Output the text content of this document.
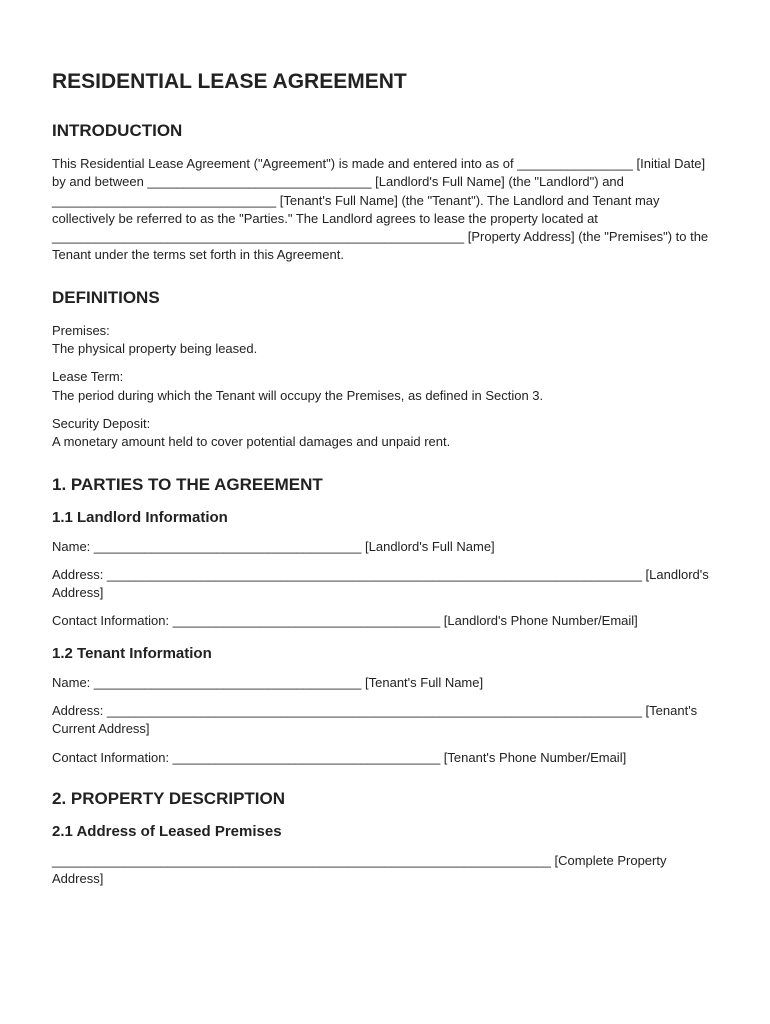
RESIDENTIAL LEASE AGREEMENT
INTRODUCTION

This Residential Lease Agreement ("Agreement") is made and entered into as of ________________ [Initial Date] by and between _______________________________ [Landlord's Full Name] (the "Landlord") and _______________________________ [Tenant's Full Name] (the "Tenant"). The Landlord and Tenant may collectively be referred to as the "Parties." The Landlord agrees to lease the property located at _________________________________________________________ [Property Address] (the "Premises") to the Tenant under the terms set forth in this Agreement.

DEFINITIONS

Premises:

The physical property being leased.

Lease Term:

The period during which the Tenant will occupy the Premises, as defined in Section 3.

Security Deposit:

A monetary amount held to cover potential damages and unpaid rent.

1. PARTIES TO THE AGREEMENT
1.1 Landlord Information

Name: _____________________________________ [Landlord's Full Name]

Address: __________________________________________________________________________ [Landlord's Address]

Contact Information: _____________________________________ [Landlord's Phone Number/Email]

1.2 Tenant Information

Name: _____________________________________ [Tenant's Full Name]

Address: __________________________________________________________________________ [Tenant's Current Address]

Contact Information: _____________________________________ [Tenant's Phone Number/Email]

2. PROPERTY DESCRIPTION
2.1 Address of Leased Premises

_____________________________________________________________________ [Complete Property Address]
